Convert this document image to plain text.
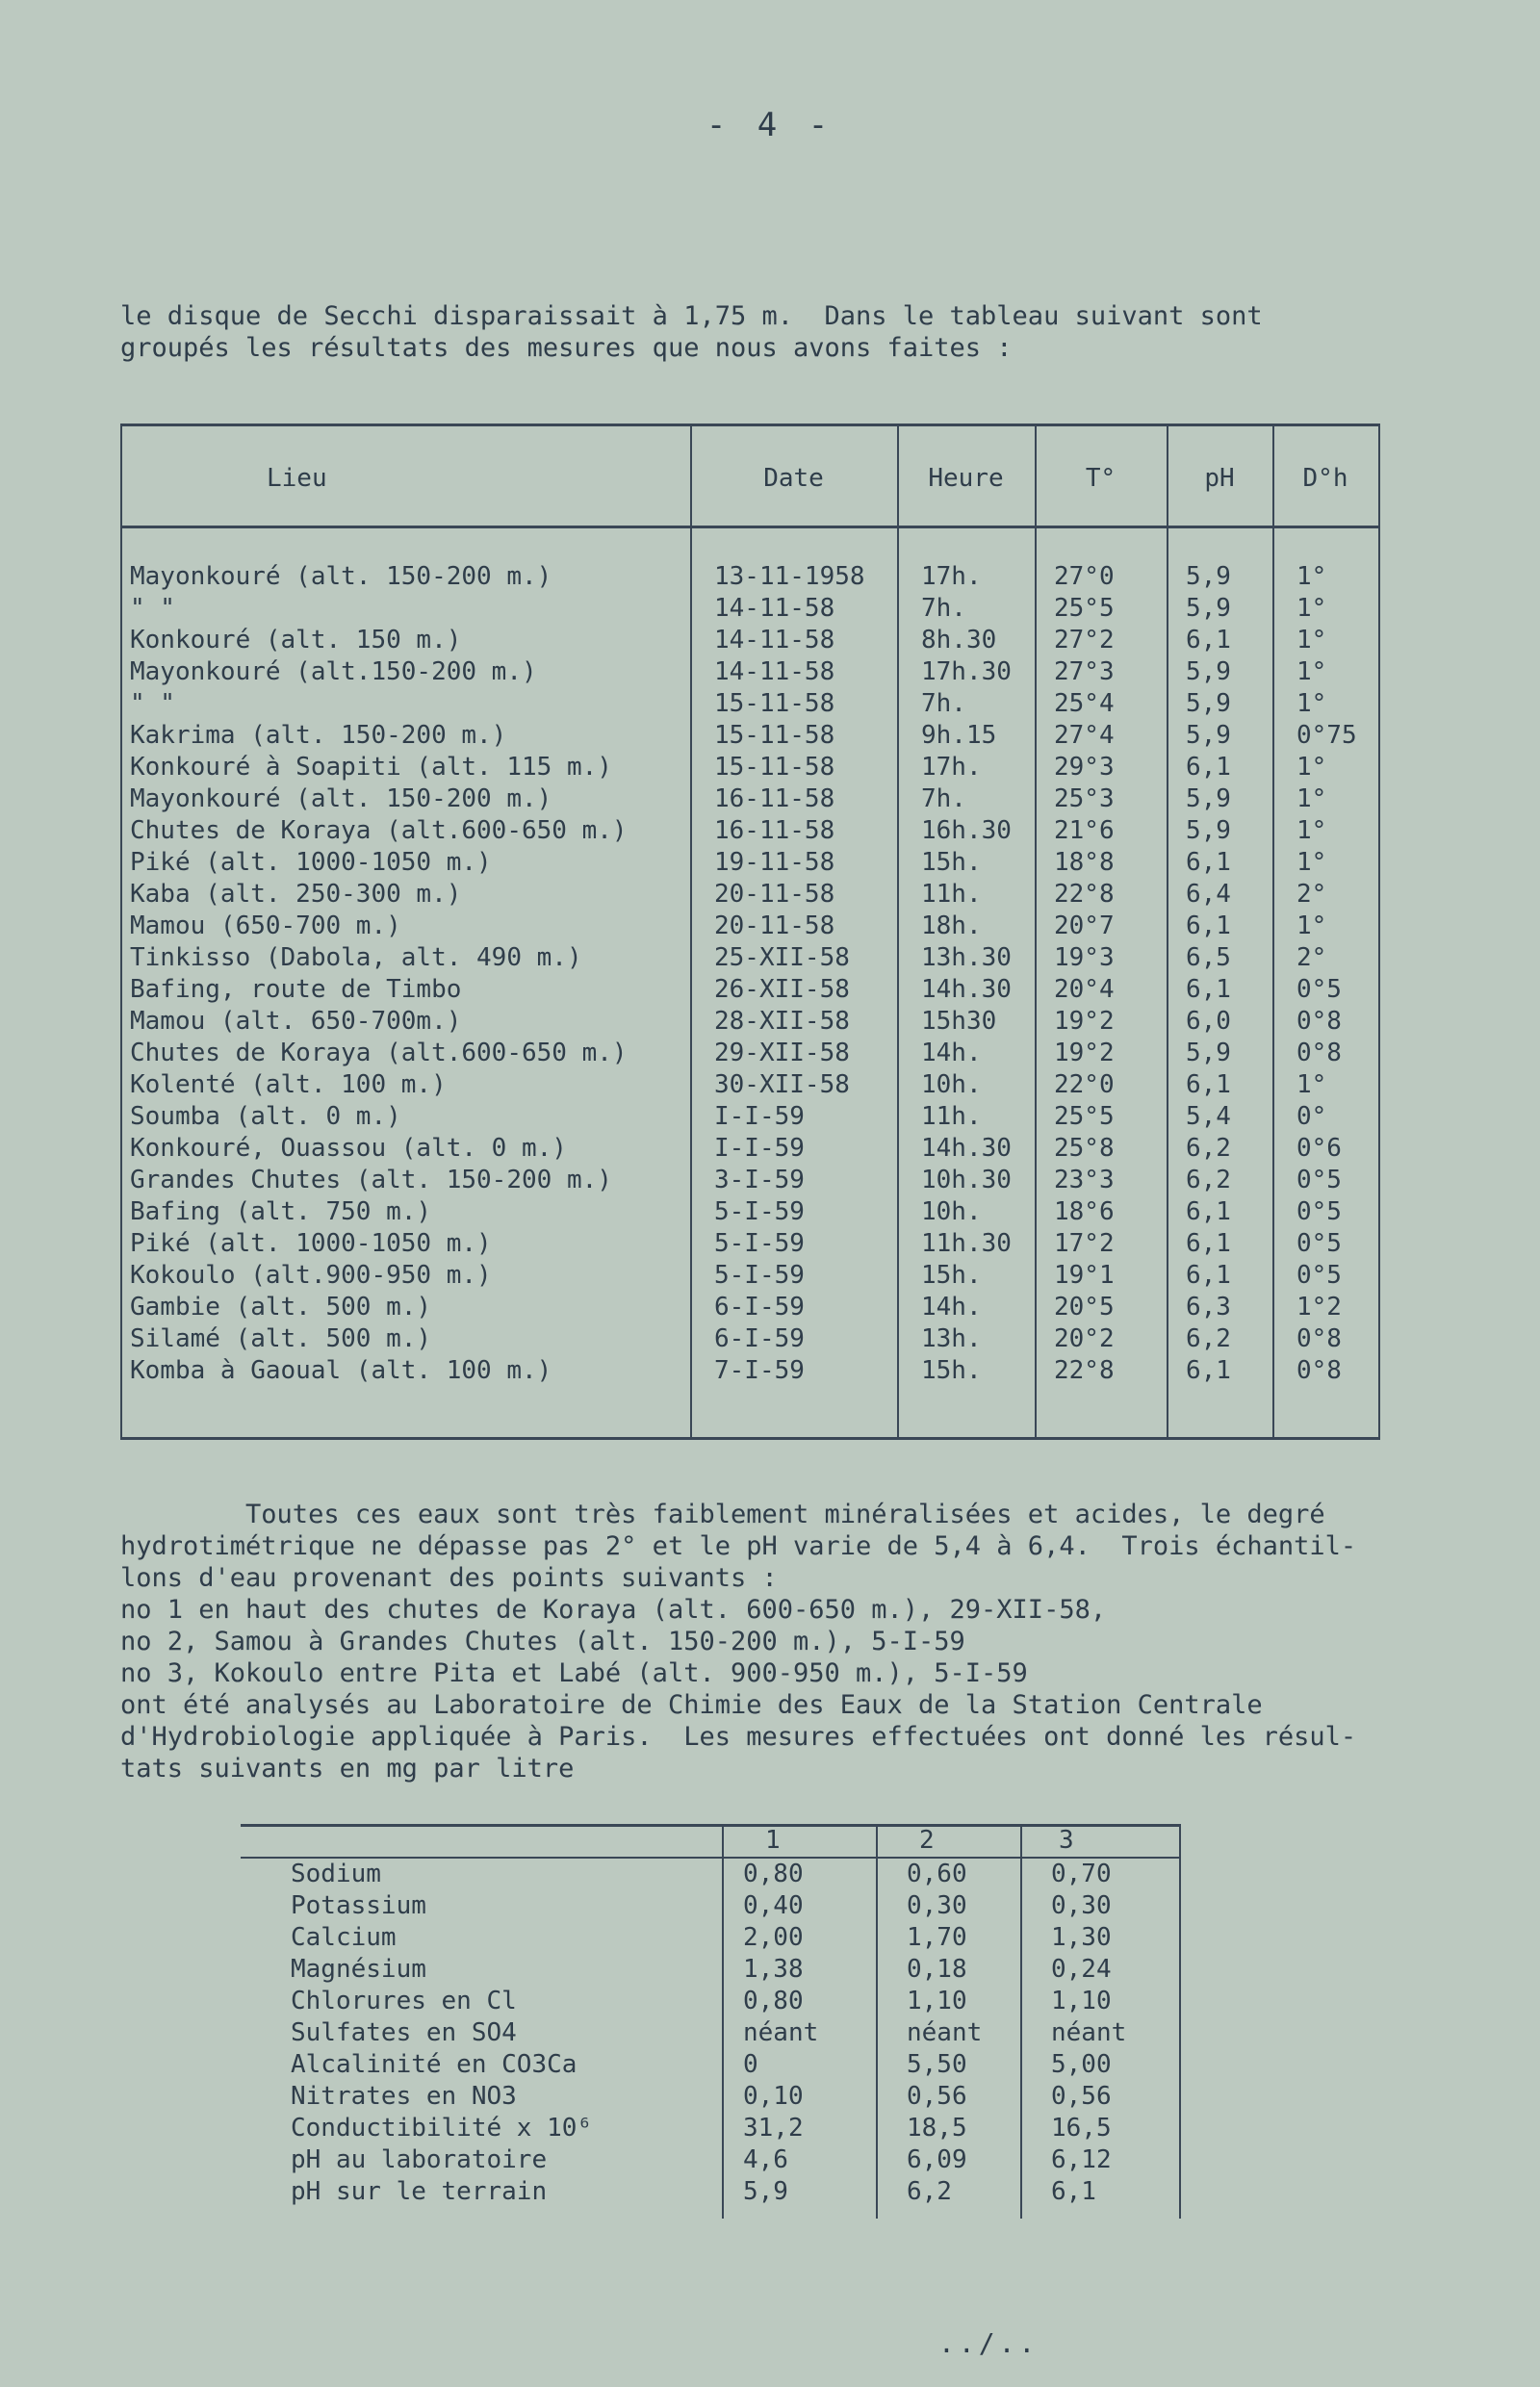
- 4 -

le disque de Secchi disparaissait à 1,75 m.  Dans le tableau suivant sont
groupés les résultats des mesures que nous avons faites :

Lieu	Date	Heure	T°	pH	D°h
Mayonkouré (alt. 150-200 m.)	13-11-1958 17h.	27°0	5,9	1°
" "	14-11-58	7h.	25°5	5,9	1°
Konkouré (alt. 150 m.)	14-11-58	8h.30 27°2	6,1	1°
Mayonkouré (alt.150-200 m.)	14-11-58	17h.30 27°3	5,9	1°
" "	15-11-58	7h.	25°4	5,9	1°
Kakrima (alt. 150-200 m.)	15-11-58	9h.15 27°4	5,9	0°75
Konkouré à Soapiti (alt. 115 m.)	15-11-58	17h.	29°3	6,1	1°
Mayonkouré (alt. 150-200 m.)	16-11-58	7h.	25°3	5,9	1°
Chutes de Koraya (alt.600-650 m.)	16-11-58	16h.30 21°6	5,9	1°
Piké (alt. 1000-1050 m.)	19-11-58	15h.	18°8	6,1	1°
Kaba (alt. 250-300 m.)	20-11-58	11h.	22°8	6,4	2°
Mamou (650-700 m.)	20-11-58	18h.	20°7	6,1	1°
Tinkisso (Dabola, alt. 490 m.)	25-XII-58	13h.30 19°3	6,5	2°
Bafing, route de Timbo	26-XII-58	14h.30 20°4	6,1	0°5
Mamou (alt. 650-700m.)	28-XII-58	15h30 19°2	6,0	0°8
Chutes de Koraya (alt.600-650 m.)	29-XII-58	14h.	19°2	5,9	0°8
Kolenté (alt. 100 m.)	30-XII-58	10h.	22°0	6,1	1°
Soumba (alt. 0 m.)	I-I-59	11h.	25°5	5,4	0°
Konkouré, Ouassou (alt. 0 m.)	I-I-59	14h.30 25°8	6,2	0°6
Grandes Chutes (alt. 150-200 m.)	3-I-59	10h.30 23°3	6,2	0°5
Bafing (alt. 750 m.)	5-I-59	10h.	18°6	6,1	0°5
Piké (alt. 1000-1050 m.)	5-I-59	11h.30 17°2	6,1	0°5
Kokoulo (alt.900-950 m.)	5-I-59	15h.	19°1	6,1	0°5
Gambie (alt. 500 m.)	6-I-59	14h.	20°5	6,3	1°2
Silamé (alt. 500 m.)	6-I-59	13h.	20°2	6,2	0°8
Komba à Gaoual (alt. 100 m.)	7-I-59	15h.	22°8	6,1	0°8

Toutes ces eaux sont très faiblement minéralisées et acides, le degré
hydrotimétrique ne dépasse pas 2° et le pH varie de 5,4 à 6,4.  Trois échantil-
lons d'eau provenant des points suivants :
no 1 en haut des chutes de Koraya (alt. 600-650 m.), 29-XII-58,
no 2, Samou à Grandes Chutes (alt. 150-200 m.), 5-I-59
no 3, Kokoulo entre Pita et Labé (alt. 900-950 m.), 5-I-59
ont été analysés au Laboratoire de Chimie des Eaux de la Station Centrale
d'Hydrobiologie appliquée à Paris.  Les mesures effectuées ont donné les résul-
tats suivants en mg par litre

1	2	3
Sodium	0,80	0,60	0,70
Potassium	0,40	0,30	0,30
Calcium	2,00	1,70	1,30
Magnésium	1,38	0,18	0,24
Chlorures en Cl	0,80	1,10	1,10
Sulfates en SO4	néant	néant	néant
Alcalinité en CO3Ca	0	5,50	5,00
Nitrates en NO3	0,10	0,56	0,56
Conductibilité x 10⁶	31,2	18,5	16,5
pH au laboratoire	4,6	6,09	6,12
pH sur le terrain	5,9	6,2	6,1
../..
